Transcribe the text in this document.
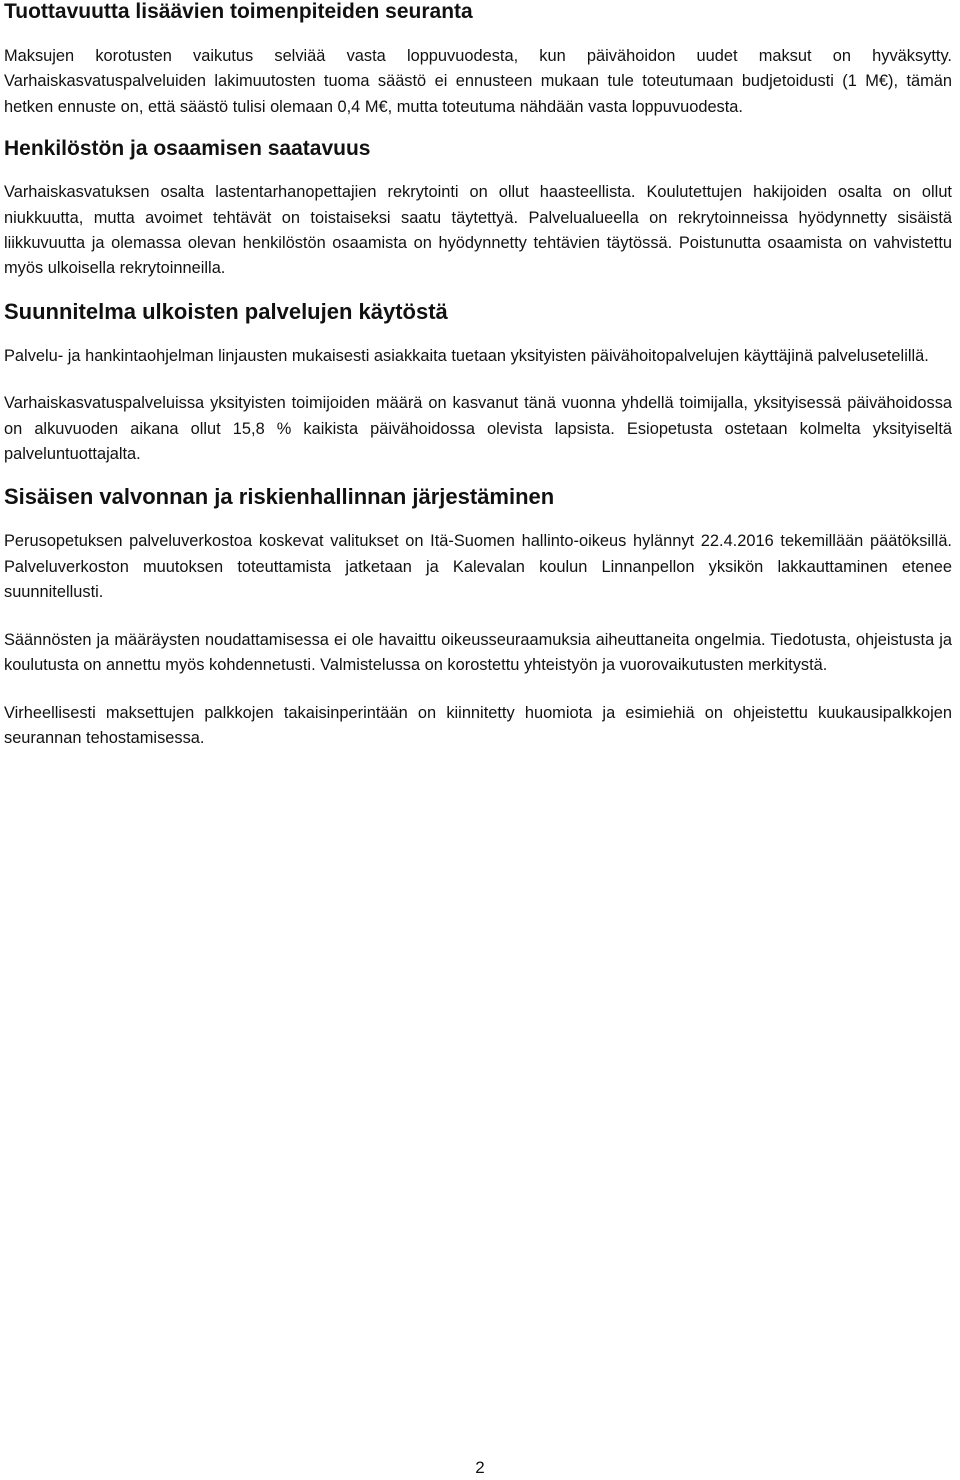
Tuottavuutta lisäävien toimenpiteiden seuranta

Maksujen korotusten vaikutus selviää vasta loppuvuodesta, kun päivähoidon uudet maksut on hyväksytty. Varhaiskasvatuspalveluiden lakimuutosten tuoma säästö ei ennusteen mukaan tule toteutumaan budjetoidusti (1 M€), tämän hetken ennuste on, että säästö tulisi olemaan 0,4 M€, mutta toteutuma nähdään vasta loppuvuodesta.

Henkilöstön ja osaamisen saatavuus

Varhaiskasvatuksen osalta lastentarhanopettajien rekrytointi on ollut haasteellista. Koulutettujen hakijoiden osalta on ollut niukkuutta, mutta avoimet tehtävät on toistaiseksi saatu täytettyä. Palvelualueella on rekrytoinneissa hyödynnetty sisäistä liikkuvuutta ja olemassa olevan henkilöstön osaamista on hyödynnetty tehtävien täytössä. Poistunutta osaamista on vahvistettu myös ulkoisella rekrytoinneilla.

Suunnitelma ulkoisten palvelujen käytöstä

Palvelu- ja hankintaohjelman linjausten mukaisesti asiakkaita tuetaan yksityisten päivähoitopalvelujen käyttäjinä palvelusetelillä.

Varhaiskasvatuspalveluissa yksityisten toimijoiden määrä on kasvanut tänä vuonna yhdellä toimijalla, yksityisessä päivähoidossa on alkuvuoden aikana ollut 15,8 % kaikista päivähoidossa olevista lapsista. Esiopetusta ostetaan kolmelta yksityiseltä palveluntuottajalta.

Sisäisen valvonnan ja riskienhallinnan järjestäminen

Perusopetuksen palveluverkostoa koskevat valitukset on Itä-Suomen hallinto-oikeus hylännyt 22.4.2016 tekemillään päätöksillä. Palveluverkoston muutoksen toteuttamista jatketaan ja Kalevalan koulun Linnanpellon yksikön lakkauttaminen etenee suunnitellusti.

Säännösten ja määräysten noudattamisessa ei ole havaittu oikeusseuraamuksia aiheuttaneita ongelmia. Tiedotusta, ohjeistusta ja koulutusta on annettu myös kohdennetusti. Valmistelussa on korostettu yhteistyön ja vuorovaikutusten merkitystä.

Virheellisesti maksettujen palkkojen takaisinperintään on kiinnitetty huomiota ja esimiehiä on ohjeistettu kuukausipalkkojen seurannan tehostamisessa.

2
